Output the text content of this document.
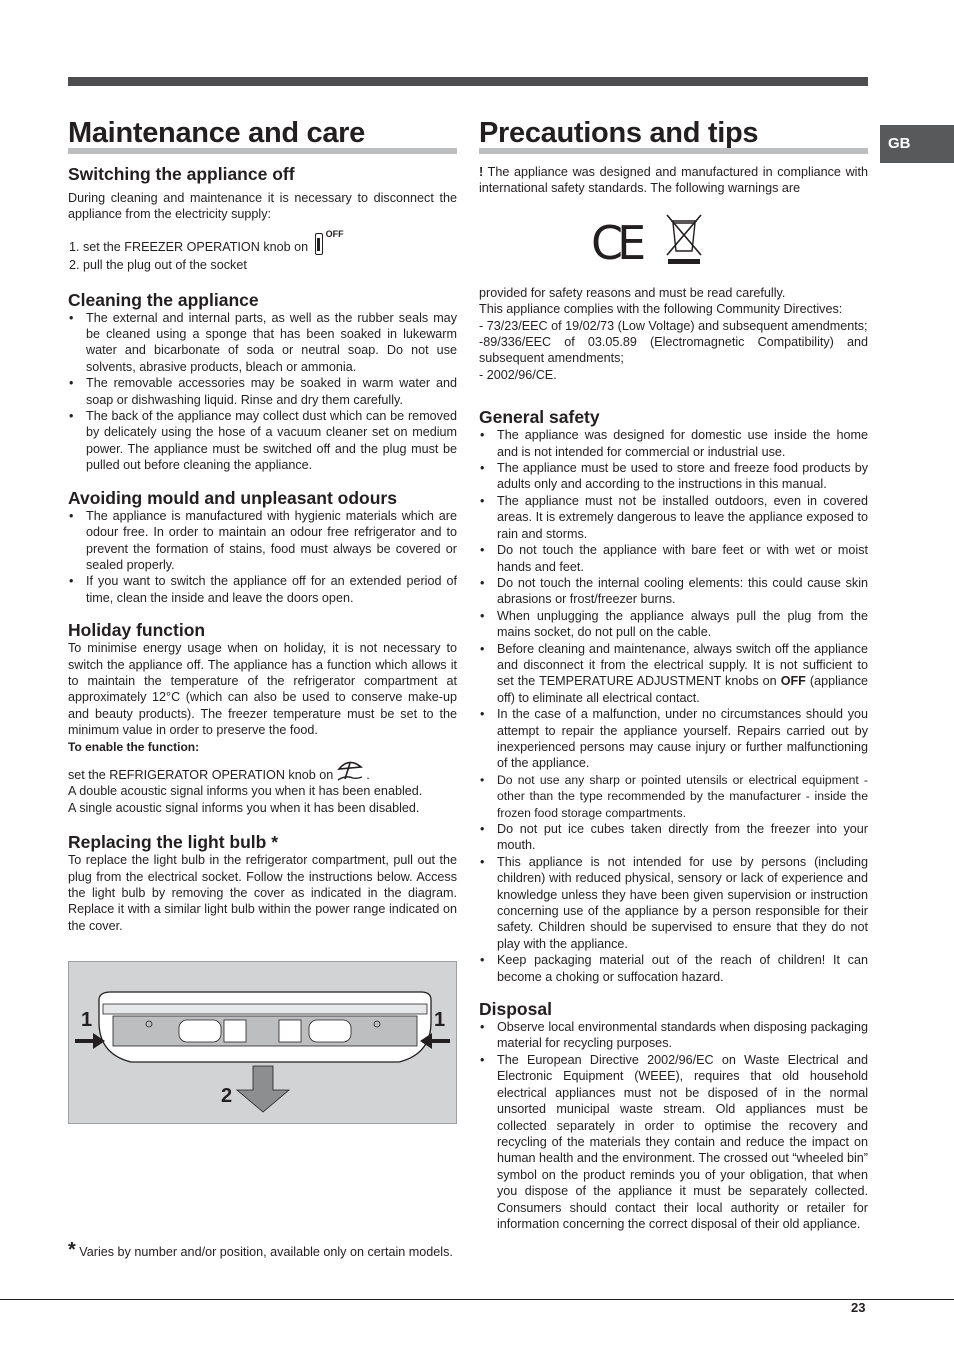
GB
Maintenance and care
Switching the appliance off

During cleaning and maintenance it is necessary to disconnect the appliance from the electricity supply:

1. set the FREEZER OPERATION knob on $^{OFF}$
2. pull the plug out of the socket
Cleaning the appliance
• The external and internal parts, as well as the rubber seals may be cleaned using a sponge that has been soaked in lukewarm water and bicarbonate of soda or neutral soap. Do not use solvents, abrasive products, bleach or ammonia.
• The removable accessories may be soaked in warm water and soap or dishwashing liquid. Rinse and dry them carefully.
• The back of the appliance may collect dust which can be removed by delicately using the hose of a vacuum cleaner set on medium power. The appliance must be switched off and the plug must be pulled out before cleaning the appliance.
Avoiding mould and unpleasant odours
• The appliance is manufactured with hygienic materials which are odour free. In order to maintain an odour free refrigerator and to prevent the formation of stains, food must always be covered or sealed properly.
• If you want to switch the appliance off for an extended period of time, clean the inside and leave the doors open.
Holiday function

To minimise energy usage when on holiday, it is not necessary to switch the appliance off. The appliance has a function which allows it to maintain the temperature of the refrigerator compartment at approximately 12°C (which can also be used to conserve make-up and beauty products). The freezer temperature must be set to the minimum value in order to preserve the food.

To enable the function:

set the REFRIGERATOR OPERATION knob on  .

A double acoustic signal informs you when it has been enabled.

A single acoustic signal informs you when it has been disabled.

Replacing the light bulb *

To replace the light bulb in the refrigerator compartment, pull out the plug from the electrical socket. Follow the instructions below. Access the light bulb by removing the cover as indicated in the diagram. Replace it with a similar light bulb within the power range indicated on the cover.

1	1
2

* Varies by number and/or position, available only on certain models.

Precautions and tips

! The appliance was designed and manufactured in compliance with international safety standards. The following warnings are

CE

provided for safety reasons and must be read carefully.

This appliance complies with the following Community Directives:

- 73/23/EEC of 19/02/73 (Low Voltage) and subsequent amendments;

-89/336/EEC of 03.05.89 (Electromagnetic Compatibility) and subsequent amendments;

- 2002/96/CE.

General safety
• The appliance was designed for domestic use inside the home and is not intended for commercial or industrial use.
• The appliance must be used to store and freeze food products by adults only and according to the instructions in this manual.
• The appliance must not be installed outdoors, even in covered areas. It is extremely dangerous to leave the appliance exposed to rain and storms.
• Do not touch the appliance with bare feet or with wet or moist hands and feet.
• Do not touch the internal cooling elements: this could cause skin abrasions or frost/freezer burns.
• When unplugging the appliance always pull the plug from the mains socket, do not pull on the cable.
• Before cleaning and maintenance, always switch off the appliance and disconnect it from the electrical supply. It is not sufficient to set the TEMPERATURE ADJUSTMENT knobs on OFF (appliance off) to eliminate all electrical contact.
• In the case of a malfunction, under no circumstances should you attempt to repair the appliance yourself. Repairs carried out by inexperienced persons may cause injury or further malfunctioning of the appliance.
• Do not use any sharp or pointed utensils or electrical equipment - other than the type recommended by the manufacturer - inside the frozen food storage compartments.
• Do not put ice cubes taken directly from the freezer into your mouth.
• This appliance is not intended for use by persons (including children) with reduced physical, sensory or lack of experience and knowledge unless they have been given supervision or instruction concerning use of the appliance by a person responsible for their safety. Children should be supervised to ensure that they do not play with the appliance.
• Keep packaging material out of the reach of children! It can become a choking or suffocation hazard.
Disposal
• Observe local environmental standards when disposing packaging material for recycling purposes.
• The European Directive 2002/96/EC on Waste Electrical and Electronic Equipment (WEEE), requires that old household electrical appliances must not be disposed of in the normal unsorted municipal waste stream. Old appliances must be collected separately in order to optimise the recovery and recycling of the materials they contain and reduce the impact on human health and the environment. The crossed out “wheeled bin” symbol on the product reminds you of your obligation, that when you dispose of the appliance it must be separately collected. Consumers should contact their local authority or retailer for information concerning the correct disposal of their old appliance.
23
